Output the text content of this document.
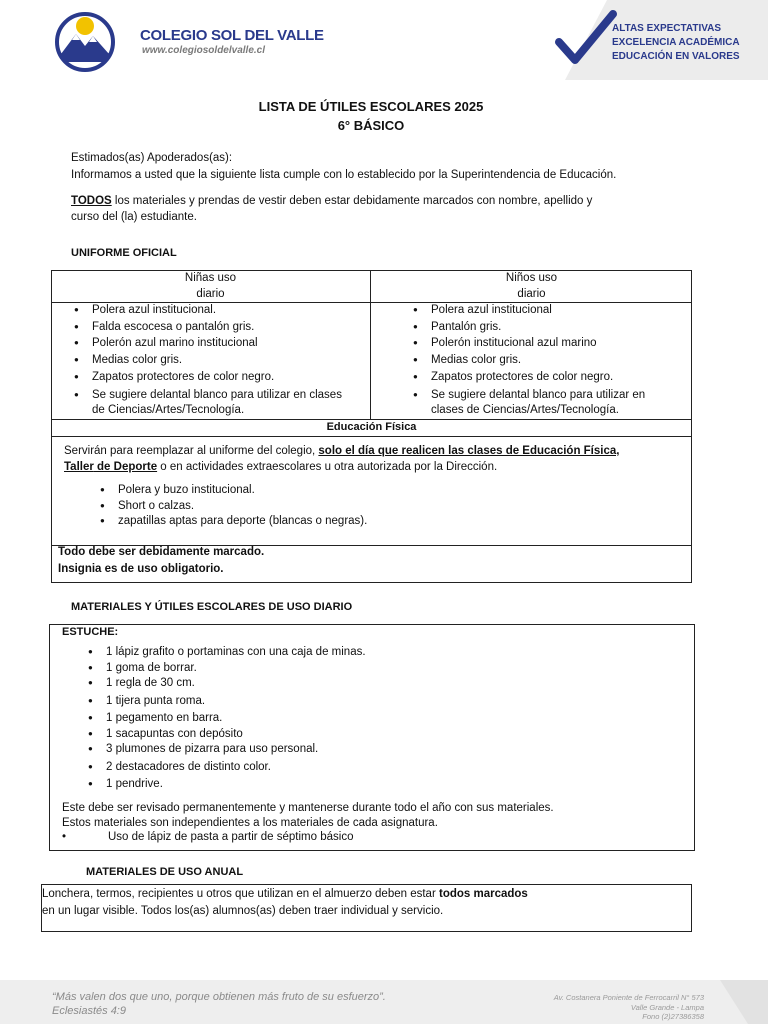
COLEGIO SOL DEL VALLE
www.colegiosoldelvalle.cl
ALTAS EXPECTATIVAS
EXCELENCIA ACADÉMICA
EDUCACIÓN EN VALORES
LISTA DE ÚTILES ESCOLARES 2025
6° BÁSICO
Estimados(as) Apoderados(as):
Informamos a usted que la siguiente lista cumple con lo establecido por la Superintendencia de Educación.
TODOS los materiales y prendas de vestir deben estar debidamente marcados con nombre, apellido y
curso del (la) estudiante.
UNIFORME OFICIAL
Niñas uso
diario
Niños uso
diario
● Polera azul institucional.
● Falda escocesa o pantalón gris.
● Polerón azul marino institucional
● Medias color gris.
● Zapatos protectores de color negro.
● Se sugiere delantal blanco para utilizar en clases de Ciencias/Artes/Tecnología.
● Polera azul institucional
● Pantalón gris.
● Polerón institucional azul marino
● Medias color gris.
● Zapatos protectores de color negro.
● Se sugiere delantal blanco para utilizar en clases de Ciencias/Artes/Tecnología.
Educación Física
Servirán para reemplazar al uniforme del colegio, solo el día que realicen las clases de Educación Física,
Taller de Deporte o en actividades extraescolares u otra autorizada por la Dirección.
● Polera y buzo institucional.
● Short o calzas.
● zapatillas aptas para deporte (blancas o negras).
Todo debe ser debidamente marcado.
Insignia es de uso obligatorio.
MATERIALES Y ÚTILES ESCOLARES DE USO DIARIO
ESTUCHE:
● 1 lápiz grafito o portaminas con una caja de minas.
● 1 goma de borrar.
● 1 regla de 30 cm.
● 1 tijera punta roma.
● 1 pegamento en barra.
● 1 sacapuntas con depósito
● 3 plumones de pizarra para uso personal.
● 2 destacadores de distinto color.
● 1 pendrive.
Este debe ser revisado permanentemente y mantenerse durante todo el año con sus materiales.
Estos materiales son independientes a los materiales de cada asignatura.
•	Uso de lápiz de pasta a partir de séptimo básico
MATERIALES DE USO ANUAL
Lonchera, termos, recipientes u otros que utilizan en el almuerzo deben estar todos marcados
en un lugar visible. Todos los(as) alumnos(as) deben traer individual y servicio.
“Más valen dos que uno, porque obtienen más fruto de su esfuerzo”.
Eclesiastés 4:9
Av. Costanera Poniente de Ferrocarril N° 573
Valle Grande - Lampa
Fono (2)27386358
